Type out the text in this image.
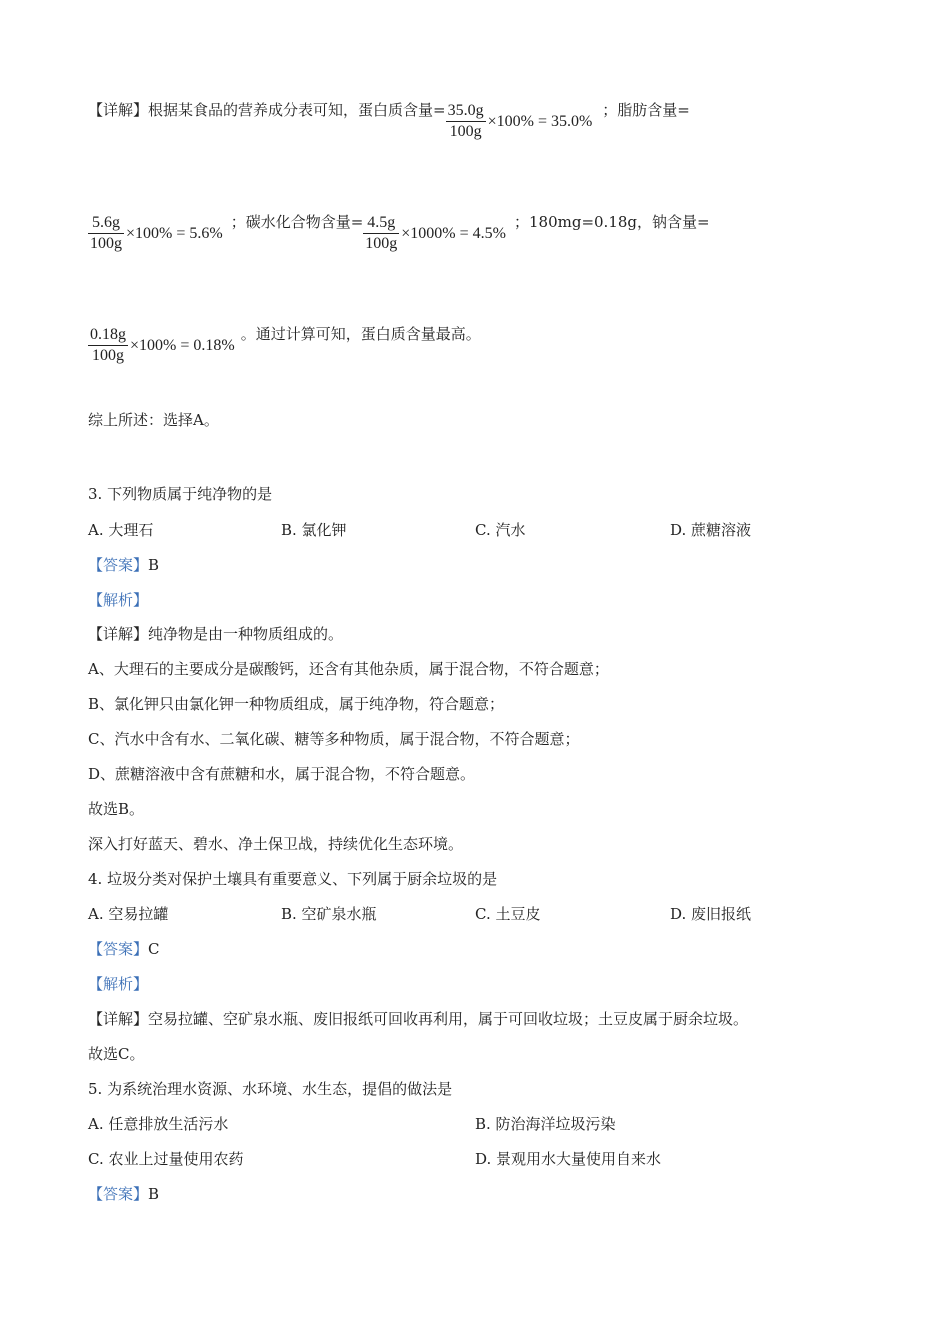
【详解】根据某食品的营养成分表可知，蛋白质含量= $\frac{35.0g}{100g} \times 100\% = 35.0\%$
；脂肪含量=
$\frac{5.6g}{100g} \times 100\% = 5.6\%$
；碳水化合物含量= $\frac{4.5g}{100g} \times 1000\% = 4.5\%$
；180mg=0.18g，钠含量=
$\frac{0.18g}{100g} \times 100\% = 0.18\%$
。通过计算可知，蛋白质含量最高。
综上所述：选择A。
3. 下列物质属于纯净物的是
A. 大理石	B. 氯化钾	C. 汽水	D. 蔗糖溶液
【答案】B
【解析】
【详解】纯净物是由一种物质组成的。
A、大理石的主要成分是碳酸钙，还含有其他杂质，属于混合物，不符合题意；
B、氯化钾只由氯化钾一种物质组成，属于纯净物，符合题意；
C、汽水中含有水、二氧化碳、糖等多种物质，属于混合物，不符合题意；
D、蔗糖溶液中含有蔗糖和水，属于混合物，不符合题意。
故选B。
深入打好蓝天、碧水、净土保卫战，持续优化生态环境。
4. 垃圾分类对保护土壤具有重要意义、下列属于厨余垃圾的是
A. 空易拉罐	B. 空矿泉水瓶	C. 土豆皮	D. 废旧报纸
【答案】C
【解析】
【详解】空易拉罐、空矿泉水瓶、废旧报纸可回收再利用，属于可回收垃圾；土豆皮属于厨余垃圾。
故选C。
5. 为系统治理水资源、水环境、水生态，提倡的做法是
A. 任意排放生活污水	B. 防治海洋垃圾污染
C. 农业上过量使用农药	D. 景观用水大量使用自来水
【答案】B
